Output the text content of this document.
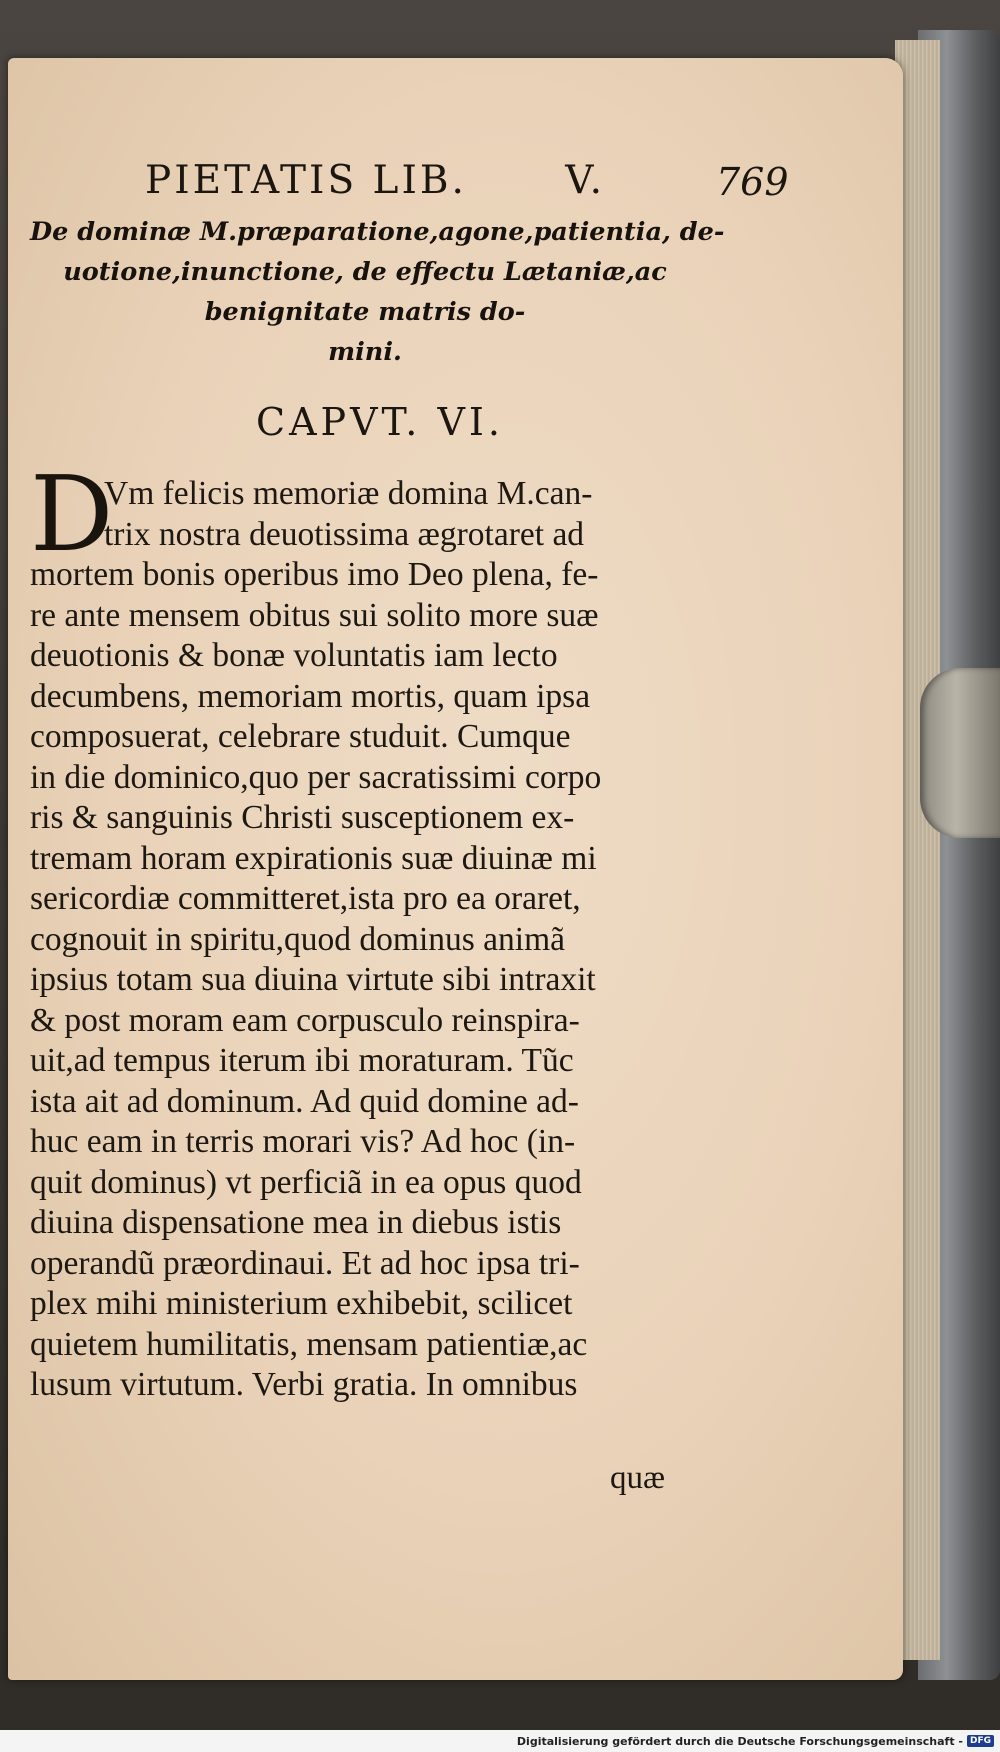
PIETATIS LIB.	V.	769
De dominæ M.præparatione,agone,patientia, de-
uotione,inunctione, de effectu Lætaniæ,ac
benignitate matris do-
mini.
CAPVT. VI.
D
Vm felicis memoriæ domina M.can-
trix nostra deuotissima ægrotaret ad
mortem bonis operibus imo Deo plena, fe-
re ante mensem obitus sui solito more suæ
deuotionis & bonæ voluntatis iam lecto
decumbens, memoriam mortis, quam ipsa
composuerat, celebrare studuit. Cumque
in die dominico,quo per sacratissimi corpo
ris & sanguinis Christi susceptionem ex-
tremam horam expirationis suæ diuinæ mi
sericordiæ committeret,ista pro ea oraret,
cognouit in spiritu,quod dominus animã
ipsius totam sua diuina virtute sibi intraxit
& post moram eam corpusculo reinspira-
uit,ad tempus iterum ibi moraturam. Tũc
ista ait ad dominum. Ad quid domine ad-
huc eam in terris morari vis? Ad hoc (in-
quit dominus) vt perficiã in ea opus quod
diuina dispensatione mea in diebus istis
operandũ præordinaui. Et ad hoc ipsa tri-
plex mihi ministerium exhibebit, scilicet
quietem humilitatis, mensam patientiæ,ac
lusum virtutum. Verbi gratia. In omnibus
quæ
Digitalisierung gefördert durch die Deutsche Forschungsgemeinschaft - DFG
